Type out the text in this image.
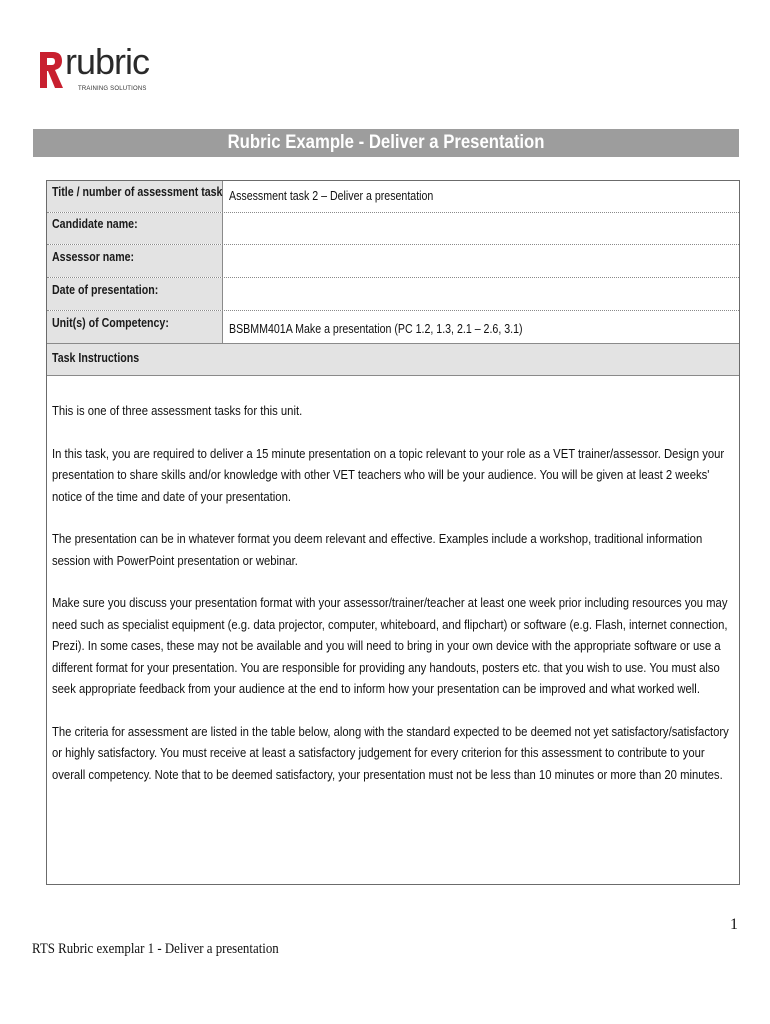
rubric
TRAINING SOLUTIONS
Rubric Example - Deliver a Presentation
Title / number of assessment task Assessment task 2 – Deliver a presentation
Candidate name:
Assessor name:
Date of presentation:
Unit(s) of Competency:	BSBMM401A Make a presentation (PC 1.2, 1.3, 2.1 – 2.6, 3.1)
Task Instructions

This is one of three assessment tasks for this unit.

In this task, you are required to deliver a 15 minute presentation on a topic relevant to your role as a VET trainer/assessor. Design your presentation to share skills and/or knowledge with other VET teachers who will be your audience. You will be given at least 2 weeks' notice of the time and date of your presentation.

The presentation can be in whatever format you deem relevant and effective. Examples include a workshop, traditional information session with PowerPoint presentation or webinar.

Make sure you discuss your presentation format with your assessor/trainer/teacher at least one week prior including resources you may need such as specialist equipment (e.g. data projector, computer, whiteboard, and flipchart) or software (e.g. Flash, internet connection, Prezi). In some cases, these may not be available and you will need to bring in your own device with the appropriate software or use a different format for your presentation. You are responsible for providing any handouts, posters etc. that you wish to use. You must also seek appropriate feedback from your audience at the end to inform how your presentation can be improved and what worked well.

The criteria for assessment are listed in the table below, along with the standard expected to be deemed not yet satisfactory/satisfactory or highly satisfactory. You must receive at least a satisfactory judgement for every criterion for this assessment to contribute to your overall competency. Note that to be deemed satisfactory, your presentation must not be less than 10 minutes or more than 20 minutes.

1
RTS Rubric exemplar 1 - Deliver a presentation
